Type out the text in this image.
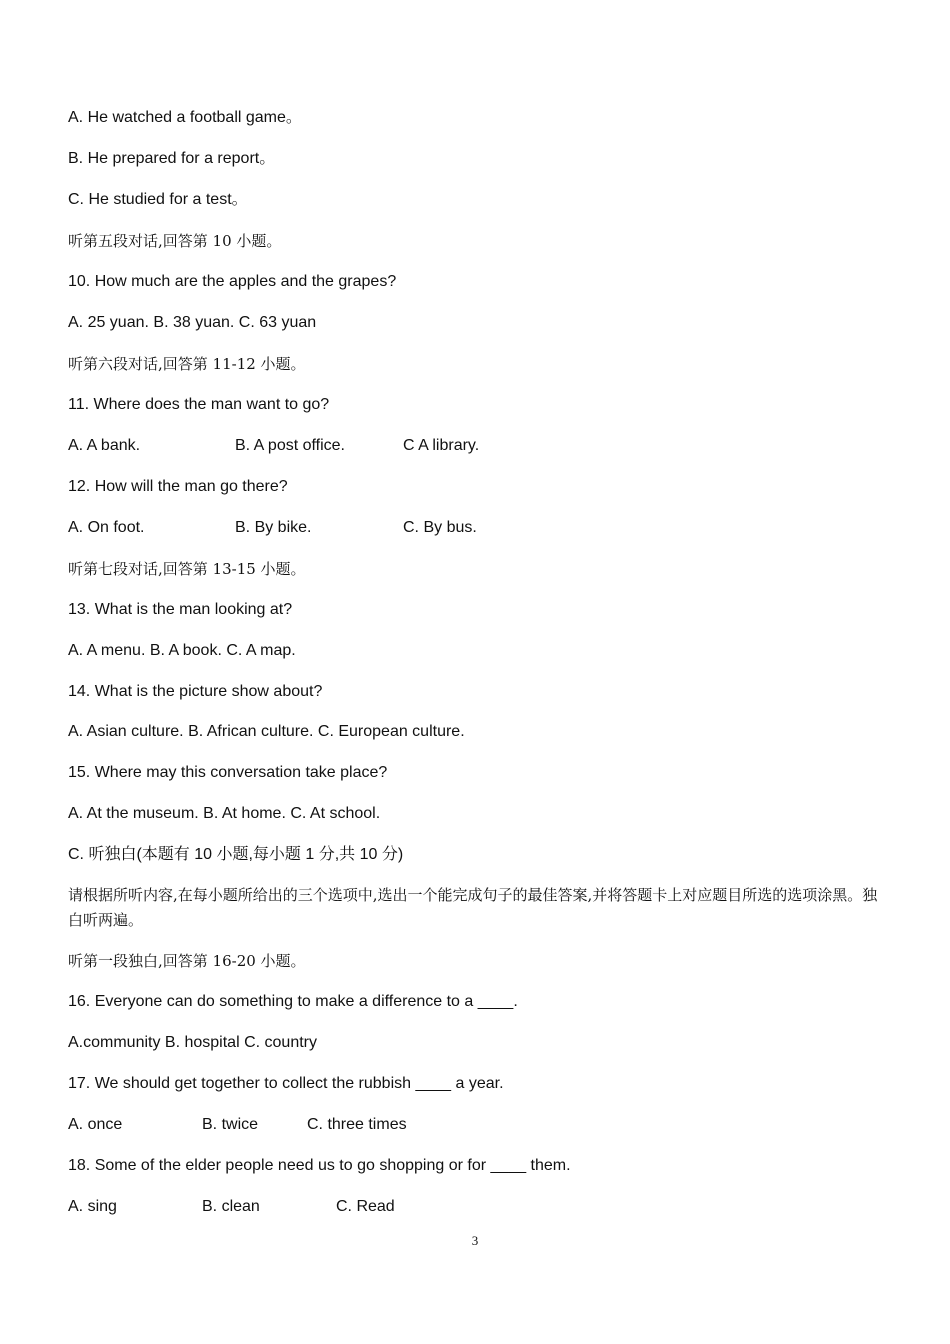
A. He watched a football game。
B. He prepared for a report。
C. He studied for a test。
听第五段对话,回答第 10 小题。
10. How much are the apples and the grapes?
A. 25 yuan. B. 38 yuan. C. 63 yuan
听第六段对话,回答第 11-12 小题。
11. Where does the man want to go?
A. A bank.	B. A post office.	C A library.
12. How will the man go there?
A. On foot.	B. By bike.	C. By bus.
听第七段对话,回答第 13-15 小题。
13. What is the man looking at?
A. A menu. B. A book. C. A map.
14. What is the picture show about?
A. Asian culture. B. African culture. C. European culture.
15. Where may this conversation take place?
A. At the museum. B. At home. C. At school.
C. 听独白(本题有 10 小题,每小题 1 分,共 10 分)
请根据所听内容,在每小题所给出的三个选项中,选出一个能完成句子的最佳答案,并将答题卡上对应题目所选的选项涂黑。独白听两遍。
听第一段独白,回答第 16-20 小题。
16. Everyone can do something to make a difference to a ____.
A.community B. hospital C. country
17. We should get together to collect the rubbish ____ a year.
A. once	B. twice	C. three times
18. Some of the elder people need us to go shopping or for ____ them.
A. sing	B. clean	C. Read
3
